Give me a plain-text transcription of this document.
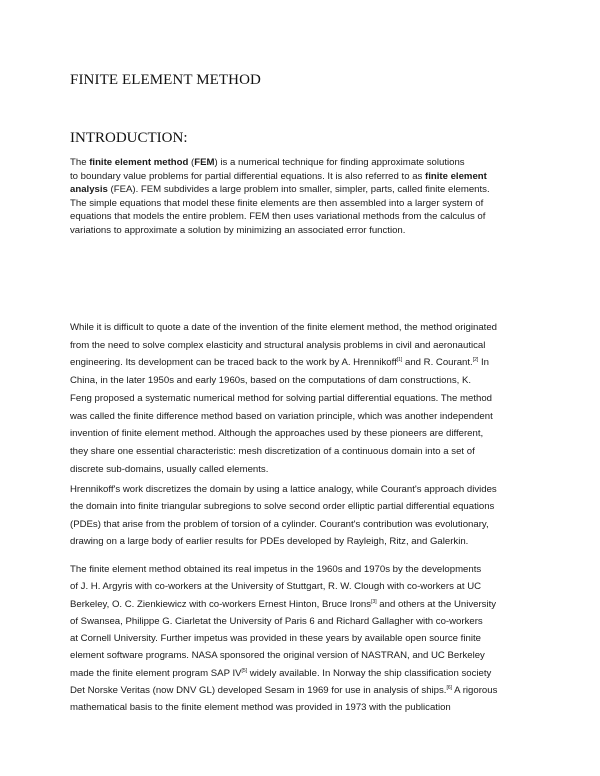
FINITE ELEMENT METHOD
INTRODUCTION:
The finite element method (FEM) is a numerical technique for finding approximate solutions
to boundary value problems for partial differential equations. It is also referred to as finite element
analysis (FEA). FEM subdivides a large problem into smaller, simpler, parts, called finite elements.
The simple equations that model these finite elements are then assembled into a larger system of
equations that models the entire problem. FEM then uses variational methods from the calculus of
variations to approximate a solution by minimizing an associated error function.
While it is difficult to quote a date of the invention of the finite element method, the method originated
from the need to solve complex elasticity and structural analysis problems in civil and aeronautical
engineering. Its development can be traced back to the work by A. Hrennikoff[1] and R. Courant.[2] In
China, in the later 1950s and early 1960s, based on the computations of dam constructions, K.
Feng proposed a systematic numerical method for solving partial differential equations. The method
was called the finite difference method based on variation principle, which was another independent
invention of finite element method. Although the approaches used by these pioneers are different,
they share one essential characteristic: mesh discretization of a continuous domain into a set of
discrete sub-domains, usually called elements.
Hrennikoff's work discretizes the domain by using a lattice analogy, while Courant's approach divides
the domain into finite triangular subregions to solve second order elliptic partial differential equations
(PDEs) that arise from the problem of torsion of a cylinder. Courant's contribution was evolutionary,
drawing on a large body of earlier results for PDEs developed by Rayleigh, Ritz, and Galerkin.
The finite element method obtained its real impetus in the 1960s and 1970s by the developments
of J. H. Argyris with co-workers at the University of Stuttgart, R. W. Clough with co-workers at UC
Berkeley, O. C. Zienkiewicz with co-workers Ernest Hinton, Bruce Irons[3] and others at the University
of Swansea, Philippe G. Ciarletat the University of Paris 6 and Richard Gallagher with co-workers
at Cornell University. Further impetus was provided in these years by available open source finite
element software programs. NASA sponsored the original version of NASTRAN, and UC Berkeley
made the finite element program SAP IV[5] widely available. In Norway the ship classification society
Det Norske Veritas (now DNV GL) developed Sesam in 1969 for use in analysis of ships.[6] A rigorous
mathematical basis to the finite element method was provided in 1973 with the publication
